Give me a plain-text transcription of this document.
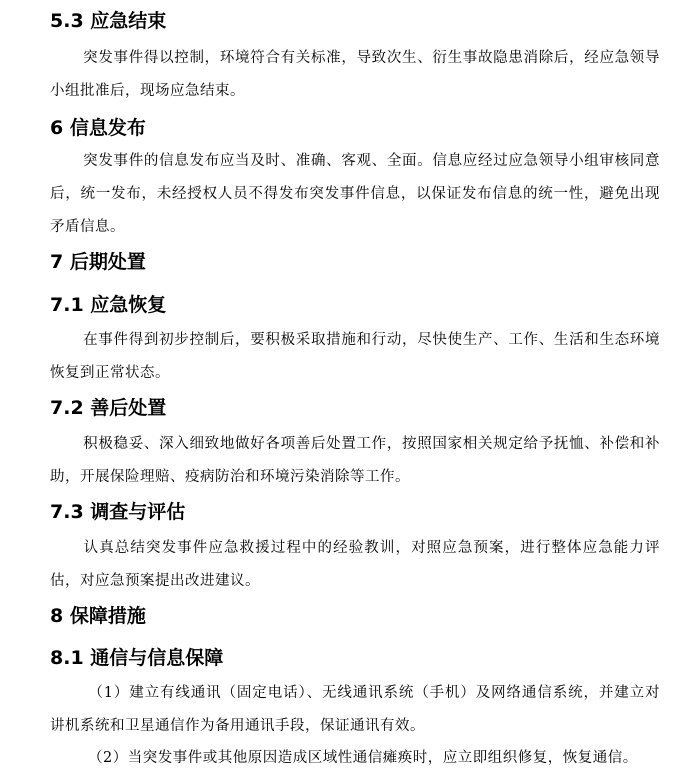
5.3 应急结束
突发事件得以控制，环境符合有关标准，导致次生、衍生事故隐患消除后，经应急领导小组批准后，现场应急结束。
6 信息发布
突发事件的信息发布应当及时、准确、客观、全面。信息应经过应急领导小组审核同意后，统一发布，未经授权人员不得发布突发事件信息，以保证发布信息的统一性，避免出现矛盾信息。
7 后期处置
7.1 应急恢复
在事件得到初步控制后，要积极采取措施和行动，尽快使生产、工作、生活和生态环境恢复到正常状态。
7.2 善后处置
积极稳妥、深入细致地做好各项善后处置工作，按照国家相关规定给予抚恤、补偿和补助，开展保险理赔、疫病防治和环境污染消除等工作。
7.3 调查与评估
认真总结突发事件应急救援过程中的经验教训，对照应急预案，进行整体应急能力评估，对应急预案提出改进建议。
8 保障措施
8.1 通信与信息保障
（1）建立有线通讯（固定电话）、无线通讯系统（手机）及网络通信系统，并建立对讲机系统和卫星通信作为备用通讯手段，保证通讯有效。
（2）当突发事件或其他原因造成区域性通信瘫痪时，应立即组织修复，恢复通信。
